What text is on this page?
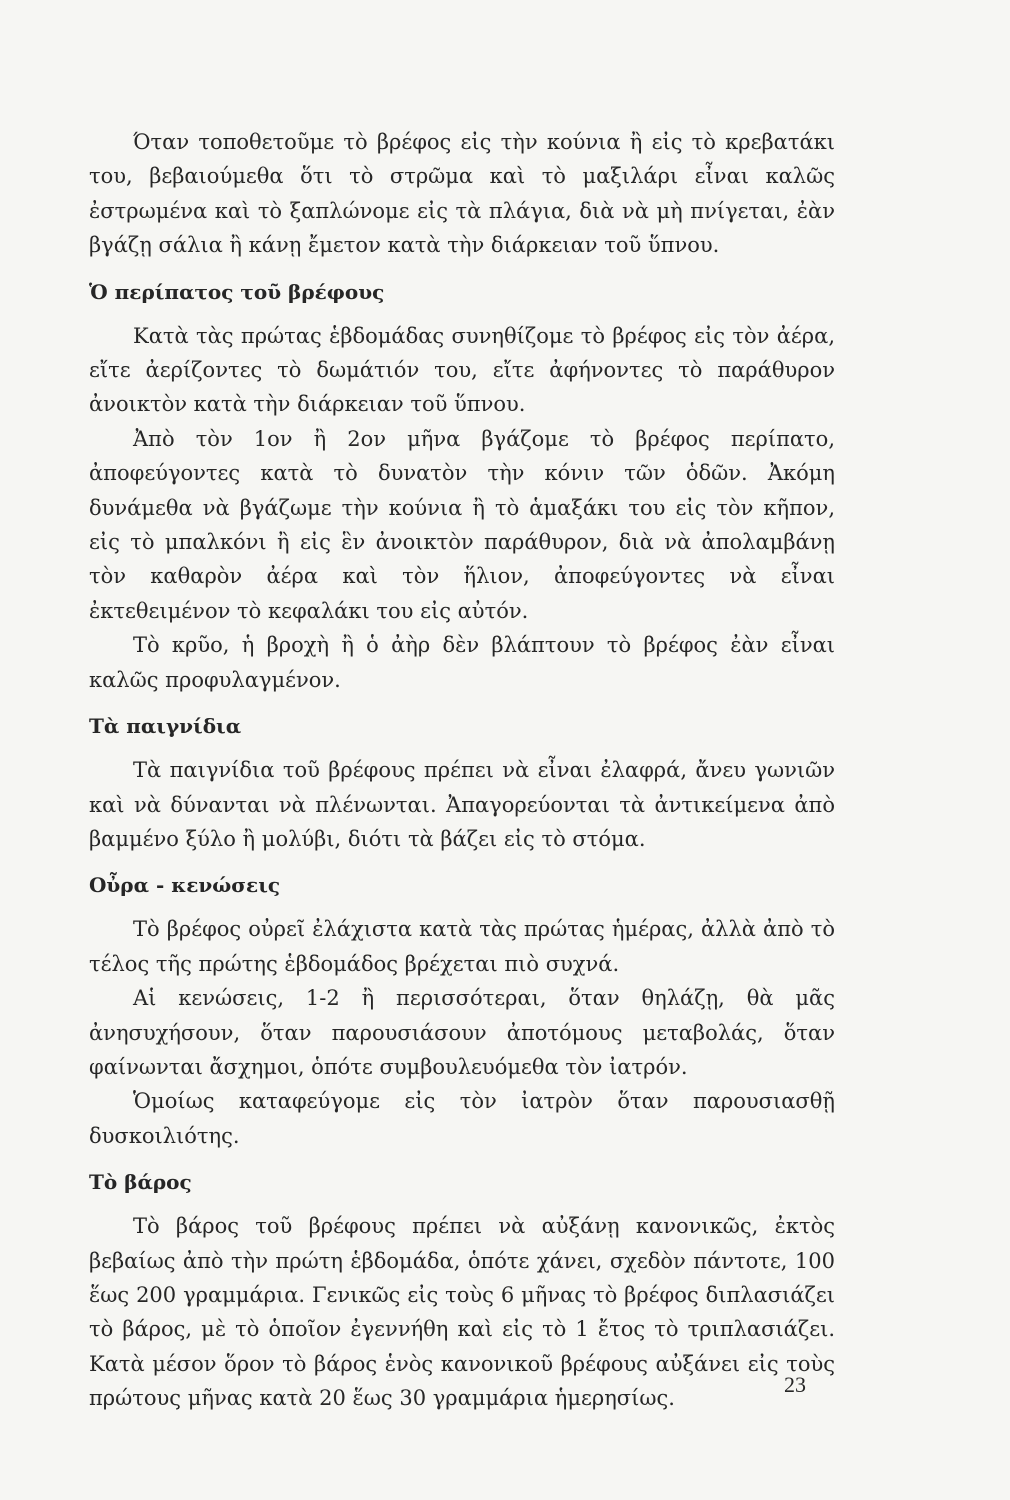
Όταν τοποθετοῦμε τὸ βρέφος εἰς τὴν κούνια ἢ εἰς τὸ κρεβατάκι του, βεβαιούμεθα ὅτι τὸ στρῶμα καὶ τὸ μαξιλάρι εἶναι καλῶς ἐστρωμένα καὶ τὸ ξαπλώνομε εἰς τὰ πλάγια, διὰ νὰ μὴ πνίγεται, ἐὰν βγάζῃ σάλια ἢ κάνῃ ἔμετον κατὰ τὴν διάρκειαν τοῦ ὕπνου.

Ὁ περίπατος τοῦ βρέφους

Κατὰ τὰς πρώτας ἑβδομάδας συνηθίζομε τὸ βρέφος εἰς τὸν ἀέρα, εἴτε ἀερίζοντες τὸ δωμάτιόν του, εἴτε ἀφήνοντες τὸ παράθυρον ἀνοικτὸν κατὰ τὴν διάρκειαν τοῦ ὕπνου.

Ἀπὸ τὸν 1ον ἢ 2ον μῆνα βγάζομε τὸ βρέφος περίπατο, ἀποφεύγοντες κατὰ τὸ δυνατὸν τὴν κόνιν τῶν ὁδῶν. Ἀκόμη δυνάμεθα νὰ βγάζωμε τὴν κούνια ἢ τὸ ἁμαξάκι του εἰς τὸν κῆπον, εἰς τὸ μπαλκόνι ἢ εἰς ἓν ἀνοικτὸν παράθυρον, διὰ νὰ ἀπολαμβάνῃ τὸν καθαρὸν ἀέρα καὶ τὸν ἥλιον, ἀποφεύγοντες νὰ εἶναι ἐκτεθειμένον τὸ κεφαλάκι του εἰς αὐτόν.

Τὸ κρῦο, ἡ βροχὴ ἢ ὁ ἀὴρ δὲν βλάπτουν τὸ βρέφος ἐὰν εἶναι καλῶς προφυλαγμένον.

Τὰ παιγνίδια

Τὰ παιγνίδια τοῦ βρέφους πρέπει νὰ εἶναι ἐλαφρά, ἄνευ γωνιῶν καὶ νὰ δύνανται νὰ πλένωνται. Ἀπαγορεύονται τὰ ἀντικείμενα ἀπὸ βαμμένο ξύλο ἢ μολύβι, διότι τὰ βάζει εἰς τὸ στόμα.

Οὖρα - κενώσεις

Τὸ βρέφος οὐρεῖ ἐλάχιστα κατὰ τὰς πρώτας ἡμέρας, ἀλλὰ ἀπὸ τὸ τέλος τῆς πρώτης ἑβδομάδος βρέχεται πιὸ συχνά.

Αἱ κενώσεις, 1-2 ἢ περισσότεραι, ὅταν θηλάζῃ, θὰ μᾶς ἀνησυχήσουν, ὅταν παρουσιάσουν ἀποτόμους μεταβολάς, ὅταν φαίνωνται ἄσχημοι, ὁπότε συμβουλευόμεθα τὸν ἰατρόν.

Ὁμοίως καταφεύγομε εἰς τὸν ἰατρὸν ὅταν παρουσιασθῇ δυσκοιλιότης.

Τὸ βάρος

Τὸ βάρος τοῦ βρέφους πρέπει νὰ αὐξάνῃ κανονικῶς, ἐκτὸς βεβαίως ἀπὸ τὴν πρώτη ἑβδομάδα, ὁπότε χάνει, σχεδὸν πάντοτε, 100 ἕως 200 γραμμάρια. Γενικῶς εἰς τοὺς 6 μῆνας τὸ βρέφος διπλασιάζει τὸ βάρος, μὲ τὸ ὁποῖον ἐγεννήθη καὶ εἰς τὸ 1 ἔτος τὸ τριπλασιάζει. Κατὰ μέσον ὅρον τὸ βάρος ἑνὸς κανονικοῦ βρέφους αὐξάνει εἰς τοὺς πρώτους μῆνας κατὰ 20 ἕως 30 γραμμάρια ἡμερησίως.

23
